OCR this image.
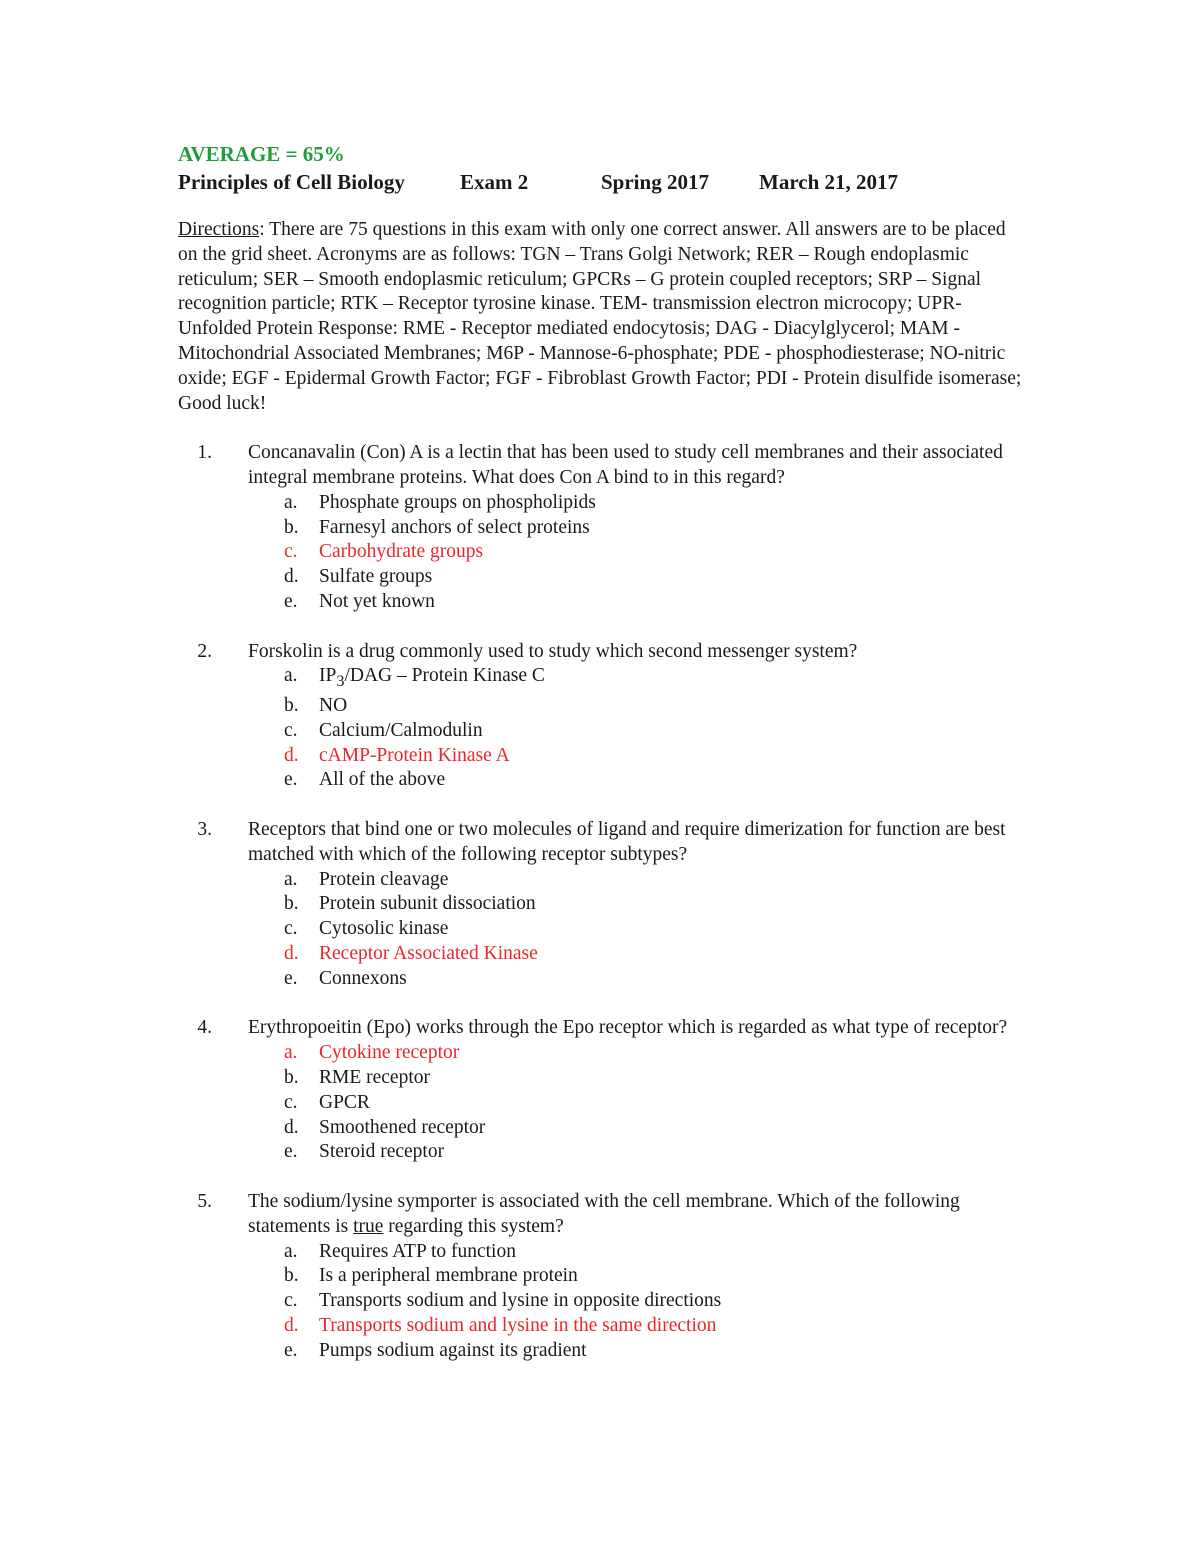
AVERAGE = 65%
Principles of Cell Biology	Exam 2	Spring 2017	March 21, 2017
Directions: There are 75 questions in this exam with only one correct answer. All answers are to be placed on the grid sheet. Acronyms are as follows: TGN – Trans Golgi Network; RER – Rough endoplasmic reticulum; SER – Smooth endoplasmic reticulum; GPCRs – G protein coupled receptors; SRP – Signal recognition particle; RTK – Receptor tyrosine kinase. TEM- transmission electron microcopy; UPR- Unfolded Protein Response: RME - Receptor mediated endocytosis; DAG - Diacylglycerol; MAM - Mitochondrial Associated Membranes; M6P - Mannose-6-phosphate; PDE - phosphodiesterase; NO-nitric oxide; EGF - Epidermal Growth Factor; FGF - Fibroblast Growth Factor; PDI - Protein disulfide isomerase; Good luck!
1.	Concanavalin (Con) A is a lectin that has been used to study cell membranes and their associated integral membrane proteins. What does Con A bind to in this regard?
a.	Phosphate groups on phospholipids
b.	Farnesyl anchors of select proteins
c.	Carbohydrate groups
d.	Sulfate groups
e.	Not yet known
2.	Forskolin is a drug commonly used to study which second messenger system?
a.	$IP_3$/DAG – Protein Kinase C
b.	NO
c.	Calcium/Calmodulin
d.	cAMP-Protein Kinase A
e.	All of the above
3.	Receptors that bind one or two molecules of ligand and require dimerization for function are best matched with which of the following receptor subtypes?
a.	Protein cleavage
b.	Protein subunit dissociation
c.	Cytosolic kinase
d.	Receptor Associated Kinase
e.	Connexons
4.	Erythropoeitin (Epo) works through the Epo receptor which is regarded as what type of receptor?
a.	Cytokine receptor
b.	RME receptor
c.	GPCR
d.	Smoothened receptor
e.	Steroid receptor
5.	The sodium/lysine symporter is associated with the cell membrane. Which of the following statements is true regarding this system?
a.	Requires ATP to function
b.	Is a peripheral membrane protein
c.	Transports sodium and lysine in opposite directions
d.	Transports sodium and lysine in the same direction
e.	Pumps sodium against its gradient
